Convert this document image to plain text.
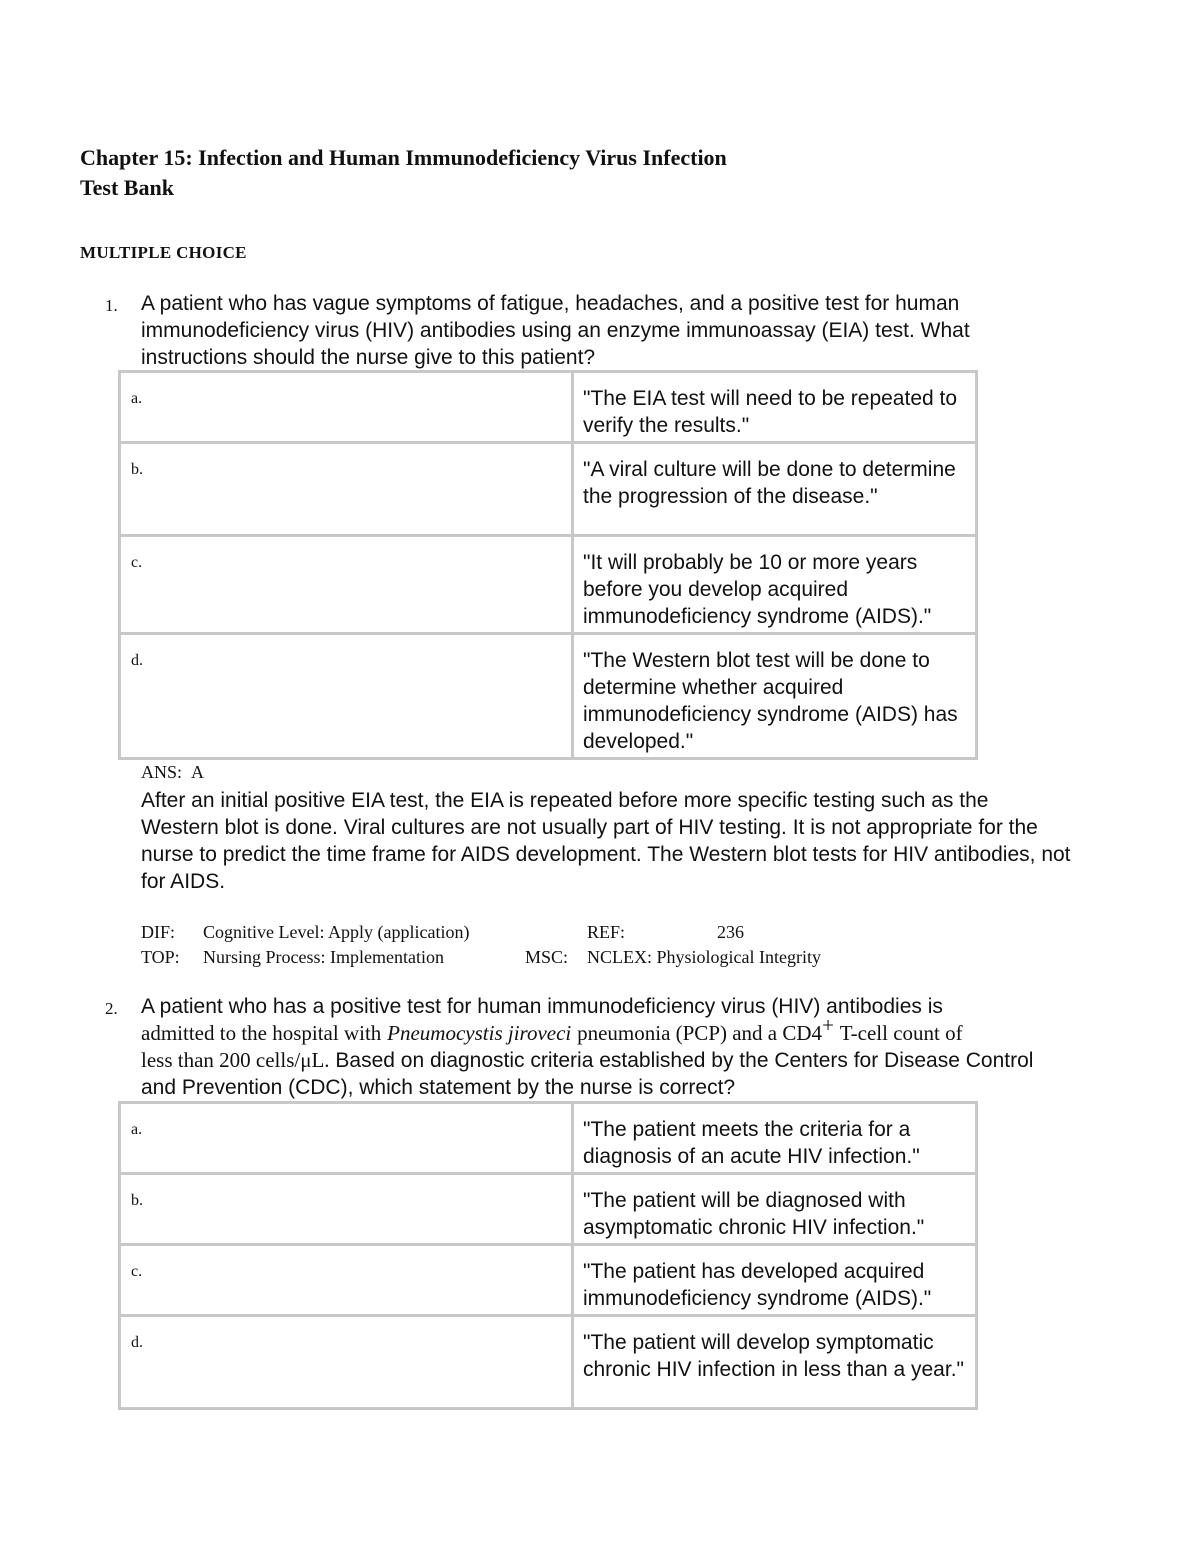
Chapter 15: Infection and Human Immunodeficiency Virus Infection
Test Bank
MULTIPLE CHOICE
1. A patient who has vague symptoms of fatigue, headaches, and a positive test for human immunodeficiency virus (HIV) antibodies using an enzyme immunoassay (EIA) test. What instructions should the nurse give to this patient?
a.	"The EIA test will need to be repeated to verify the results."
b.	"A viral culture will be done to determine the progression of the disease."
c.	"It will probably be 10 or more years before you develop acquired immunodeficiency syndrome (AIDS)."
d.	"The Western blot test will be done to determine whether acquired immunodeficiency syndrome (AIDS) has developed."
ANS: A
After an initial positive EIA test, the EIA is repeated before more specific testing such as the Western blot is done. Viral cultures are not usually part of HIV testing. It is not appropriate for the nurse to predict the time frame for AIDS development. The Western blot tests for HIV antibodies, not for AIDS.
DIF: Cognitive Level: Apply (application)	REF:	236
TOP: Nursing Process: Implementation	MSC: NCLEX: Physiological Integrity
2. A patient who has a positive test for human immunodeficiency virus (HIV) antibodies is
admitted to the hospital with Pneumocystis jiroveci pneumonia (PCP) and a CD4+ T-cell count of
less than 200 cells/μL. Based on diagnostic criteria established by the Centers for Disease Control and Prevention (CDC), which statement by the nurse is correct?
a.	"The patient meets the criteria for a diagnosis of an acute HIV infection."
b.	"The patient will be diagnosed with asymptomatic chronic HIV infection."
c.	"The patient has developed acquired immunodeficiency syndrome (AIDS)."
d.	"The patient will develop symptomatic chronic HIV infection in less than a year."
